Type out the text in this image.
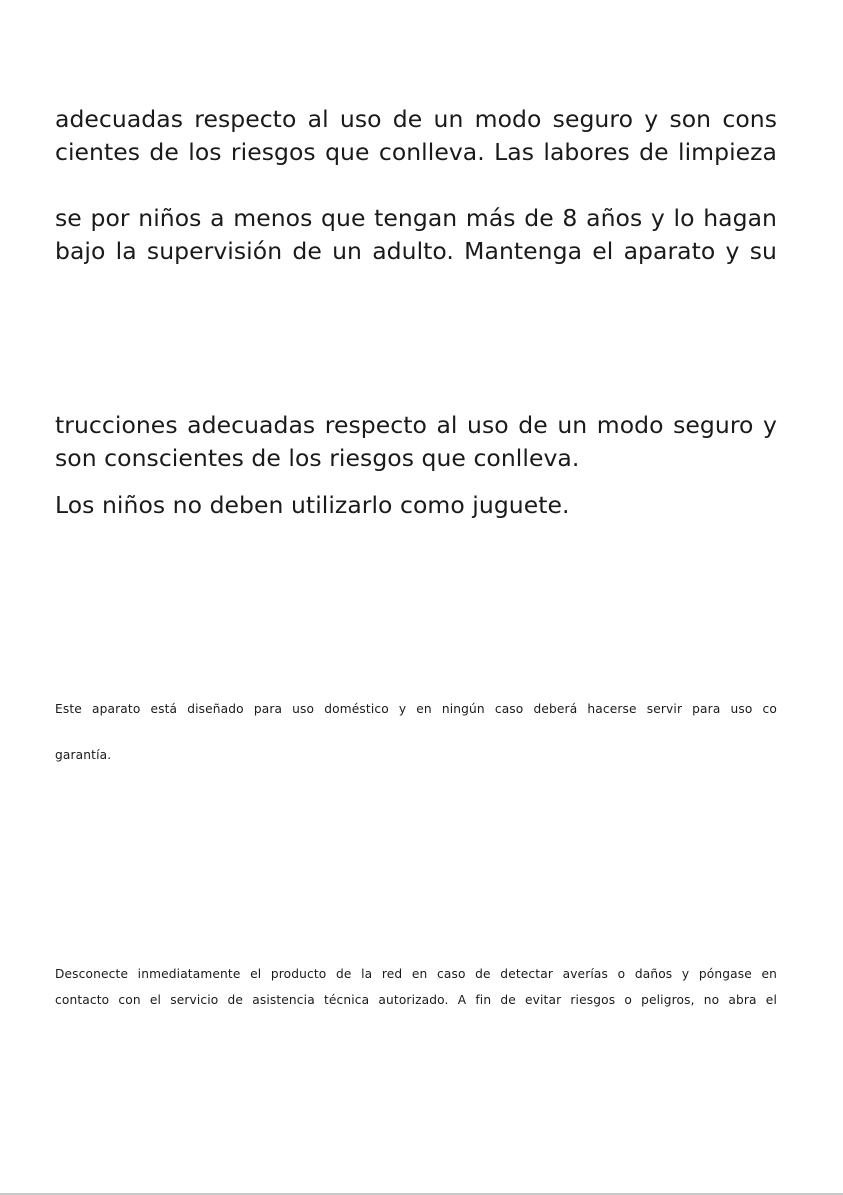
adecuadas respecto al uso de un modo seguro y son cons

cientes de los riesgos que conlleva. Las labores de limpieza

se por niños a menos que tengan más de 8 años y lo hagan

bajo la supervisión de un adulto. Mantenga el aparato y su

trucciones adecuadas respecto al uso de un modo seguro y

son conscientes de los riesgos que conlleva.

Los niños no deben utilizarlo como juguete.

Este aparato está diseñado para uso doméstico y en ningún caso deberá hacerse servir para uso co

garantía.

Desconecte inmediatamente el producto de la red en caso de detectar averías o daños y póngase en

contacto con el servicio de asistencia técnica autorizado. A fin de evitar riesgos o peligros, no abra el
